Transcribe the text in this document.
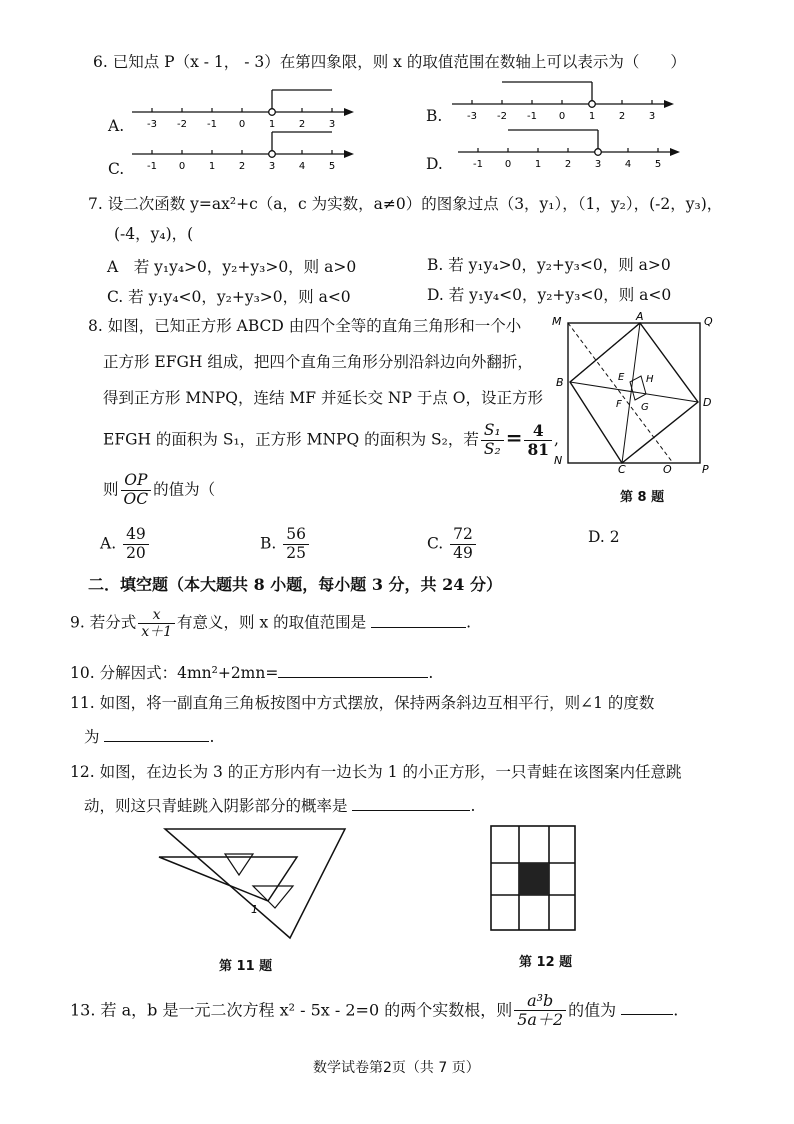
6. 已知点 P（x - 1， - 3）在第四象限，则 x 的取值范围在数轴上可以表示为（　　）
A. -3 -2 -1 0 1 2 3	B. -3 -2 -1 0 1 2 3
C. -1 0 1 2 3 4 5	D.	-1 0 1 2 3 4 5
7. 设二次函数 y=ax²+c（a，c 为实数，a≠0）的图象过点（3，y₁），（1，y₂），(-2，y₃)，
(-4，y₄)，(
A　若 y₁y₄>0，y₂+y₃>0，则 a>0	B. 若 y₁y₄>0，y₂+y₃<0，则 a>0
C. 若 y₁y₄<0，y₂+y₃>0，则 a<0	D. 若 y₁y₄<0，y₂+y₃<0，则 a<0
8. 如图，已知正方形 ABCD 由四个全等的直角三角形和一个小
正方形 EFGH 组成，把四个直角三角形分别沿斜边向外翻折，
得到正方形 MNPQ，连结 MF 并延长交 NP 于点 O，设正方形
EFGH 的面积为 S₁，正方形 MNPQ 的面积为 S₂，若 $\frac{\text{S₁}}{\text{S₂}} = \frac{4}{81}$ ,
则 $\frac{OP}{OC}$ 的值为（
A. $\frac{49}{20}$	B. $\frac{56}{25}$	C. $\frac{72}{49}$	D. 2
M	A	Q
B	E H
F G	D
N
C	O	P
第 8 题
二．填空题（本大题共 8 小题，每小题 3 分，共 24 分）
9. 若分式 $\frac{x}{x+1}$ 有意义，则 x 的取值范围是	.
10. 分解因式：4mn²+2mn=	.
11. 如图，将一副直角三角板按图中方式摆放，保持两条斜边互相平行，则∠1 的度数
为	.
12. 如图，在边长为 3 的正方形内有一边长为 1 的小正方形，一只青蛙在该图案内任意跳
动，则这只青蛙跳入阴影部分的概率是	.
1
第 11 题	第 12 题
13. 若 a，b 是一元二次方程 x² - 5x - 2=0 的两个实数根，则 $\frac{\text{a³b}}{5a+2}$ 的值为	.
数学试卷第2页（共 7 页）
